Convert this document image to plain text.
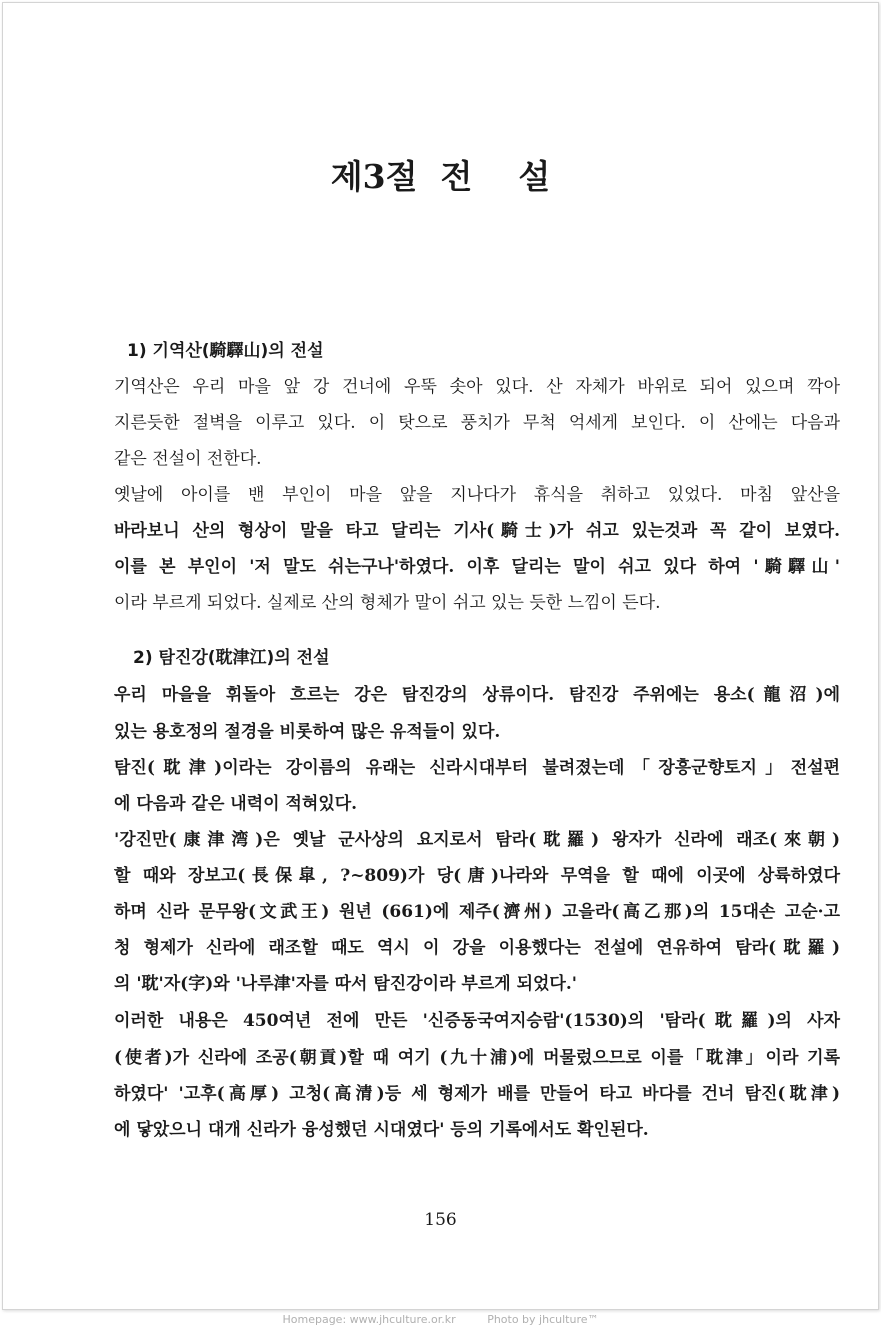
제3절  전    설
1) 기역산(騎驛山)의 전설
기역산은 우리 마을 앞 강 건너에 우뚝 솟아 있다. 산 자체가 바위로 되어 있으며 깍아
지른듯한 절벽을 이루고 있다. 이 탓으로 풍치가 무척 억세게 보인다. 이 산에는 다음과
같은 전설이 전한다.
옛날에 아이를 밴 부인이 마을 앞을 지나다가 휴식을 취하고 있었다. 마침 앞산을
바라보니 산의 형상이 말을 타고 달리는 기사(騎士)가 쉬고 있는것과 꼭 같이 보였다.
이를 본 부인이 '저 말도 쉬는구나'하였다. 이후 달리는 말이 쉬고 있다 하여 '騎驛山'
이라 부르게 되었다. 실제로 산의 형체가 말이 쉬고 있는 듯한 느낌이 든다.
2) 탐진강(耽津江)의 전설
우리 마을을 휘돌아 흐르는 강은 탐진강의 상류이다. 탐진강 주위에는 용소(龍沼)에
있는 용호정의 절경을 비롯하여 많은 유적들이 있다.
탐진(耽津)이라는 강이름의 유래는 신라시대부터 불려졌는데「장흥군향토지」전설편
에 다음과 같은 내력이 적혀있다.
'강진만(康津湾)은 옛날 군사상의 요지로서 탐라(耽羅) 왕자가 신라에 래조(來朝)
할 때와 장보고(長保皐, ?~809)가 당(唐)나라와 무역을 할 때에 이곳에 상륙하였다
하며 신라 문무왕(文武王) 원년 (661)에 제주(濟州) 고을라(高乙那)의 15대손 고순·고
청 형제가 신라에 래조할 때도 역시 이 강을 이용했다는 전설에 연유하여 탐라(耽羅)
의 '耽'자(字)와 '나루津'자를 따서 탐진강이라 부르게 되었다.'
이러한 내용은 450여년 전에 만든 '신증동국여지승람'(1530)의 '탐라(耽羅)의 사자
(使者)가 신라에 조공(朝貢)할 때 여기 (九十浦)에 머물렀으므로 이를「耽津」이라 기록
하였다' '고후(高厚) 고청(高清)등 세 형제가 배를 만들어 타고 바다를 건너 탐진(耽津)
에 닿았으니 대개 신라가 융성했던 시대였다' 등의 기록에서도 확인된다.
156
Homepage: www.jhculture.or.kr	Photo by jhculture™
